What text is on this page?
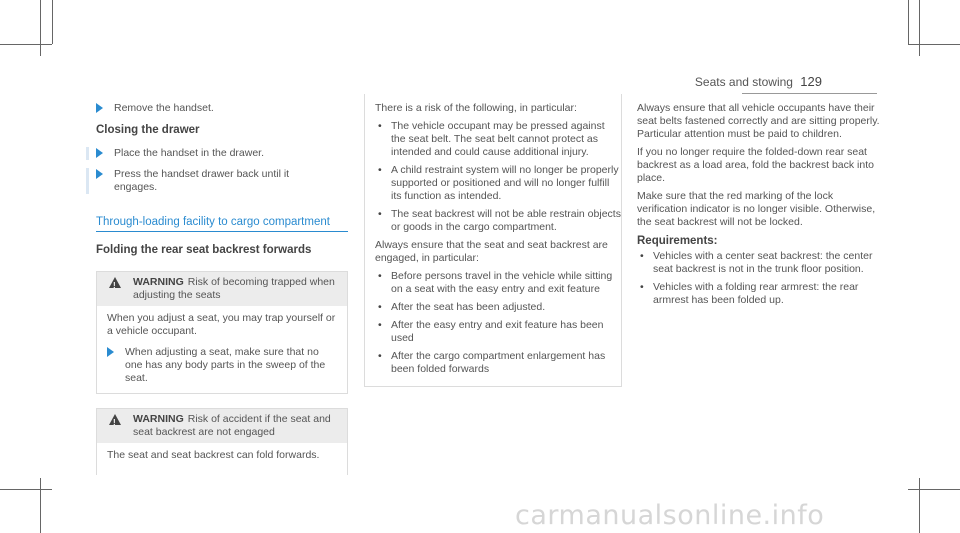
Seats and stowing 129
Remove the handset.
Closing the drawer
Place the handset in the drawer.
Press the handset drawer back until it engages.
Through-loading facility to cargo compartment
Folding the rear seat backrest forwards
!
WARNING Risk of becoming trapped when adjusting the seats

When you adjust a seat, you may trap yourself or a vehicle occupant.

When adjusting a seat, make sure that no one has any body parts in the sweep of the seat.
!
WARNING Risk of accident if the seat and seat backrest are not engaged

The seat and seat backrest can fold forwards.

There is a risk of the following, in particular:

• The vehicle occupant may be pressed against the seat belt. The seat belt cannot protect as intended and could cause additional injury.
• A child restraint system will no longer be properly supported or positioned and will no longer fulfill its function as intended.
• The seat backrest will not be able restrain objects or goods in the cargo compartment.

Always ensure that the seat and seat backrest are engaged, in particular:

• Before persons travel in the vehicle while sitting on a seat with the easy entry and exit feature
• After the seat has been adjusted.
• After the easy entry and exit feature has been used
• After the cargo compartment enlargement has been folded forwards

Always ensure that all vehicle occupants have their seat belts fastened correctly and are sitting properly. Particular attention must be paid to children.

If you no longer require the folded-down rear seat backrest as a load area, fold the backrest back into place.

Make sure that the red marking of the lock verification indicator is no longer visible. Otherwise, the seat backrest will not be locked.

Requirements:
• Vehicles with a center seat backrest: the center seat backrest is not in the trunk floor position.
• Vehicles with a folding rear armrest: the rear armrest has been folded up.
carmanualsonline.info
